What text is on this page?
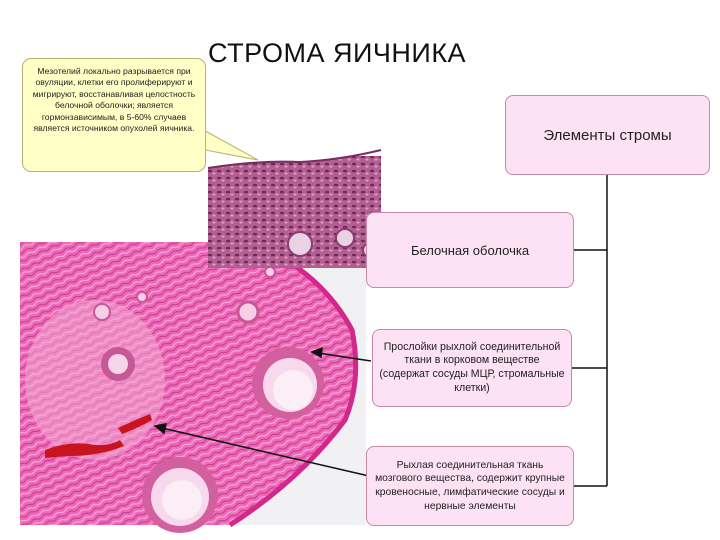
СТРОМА ЯИЧНИКА
Мезотелий локально разрывается при овуляции, клетки его пролиферируют и мигрируют, восстанавливая целостность белочной оболочки; является гормонзависимым, в 5-60% случаев является источником опухолей яичника.	Элементы стромы
Белочная оболочка
Прослойки рыхлой соединительной ткани в корковом веществе (содержат сосуды МЦР, стромальные клетки)
Рыхлая соединительная ткань мозгового вещества, содержит крупные кровеносные, лимфатические сосуды и нервные элементы
